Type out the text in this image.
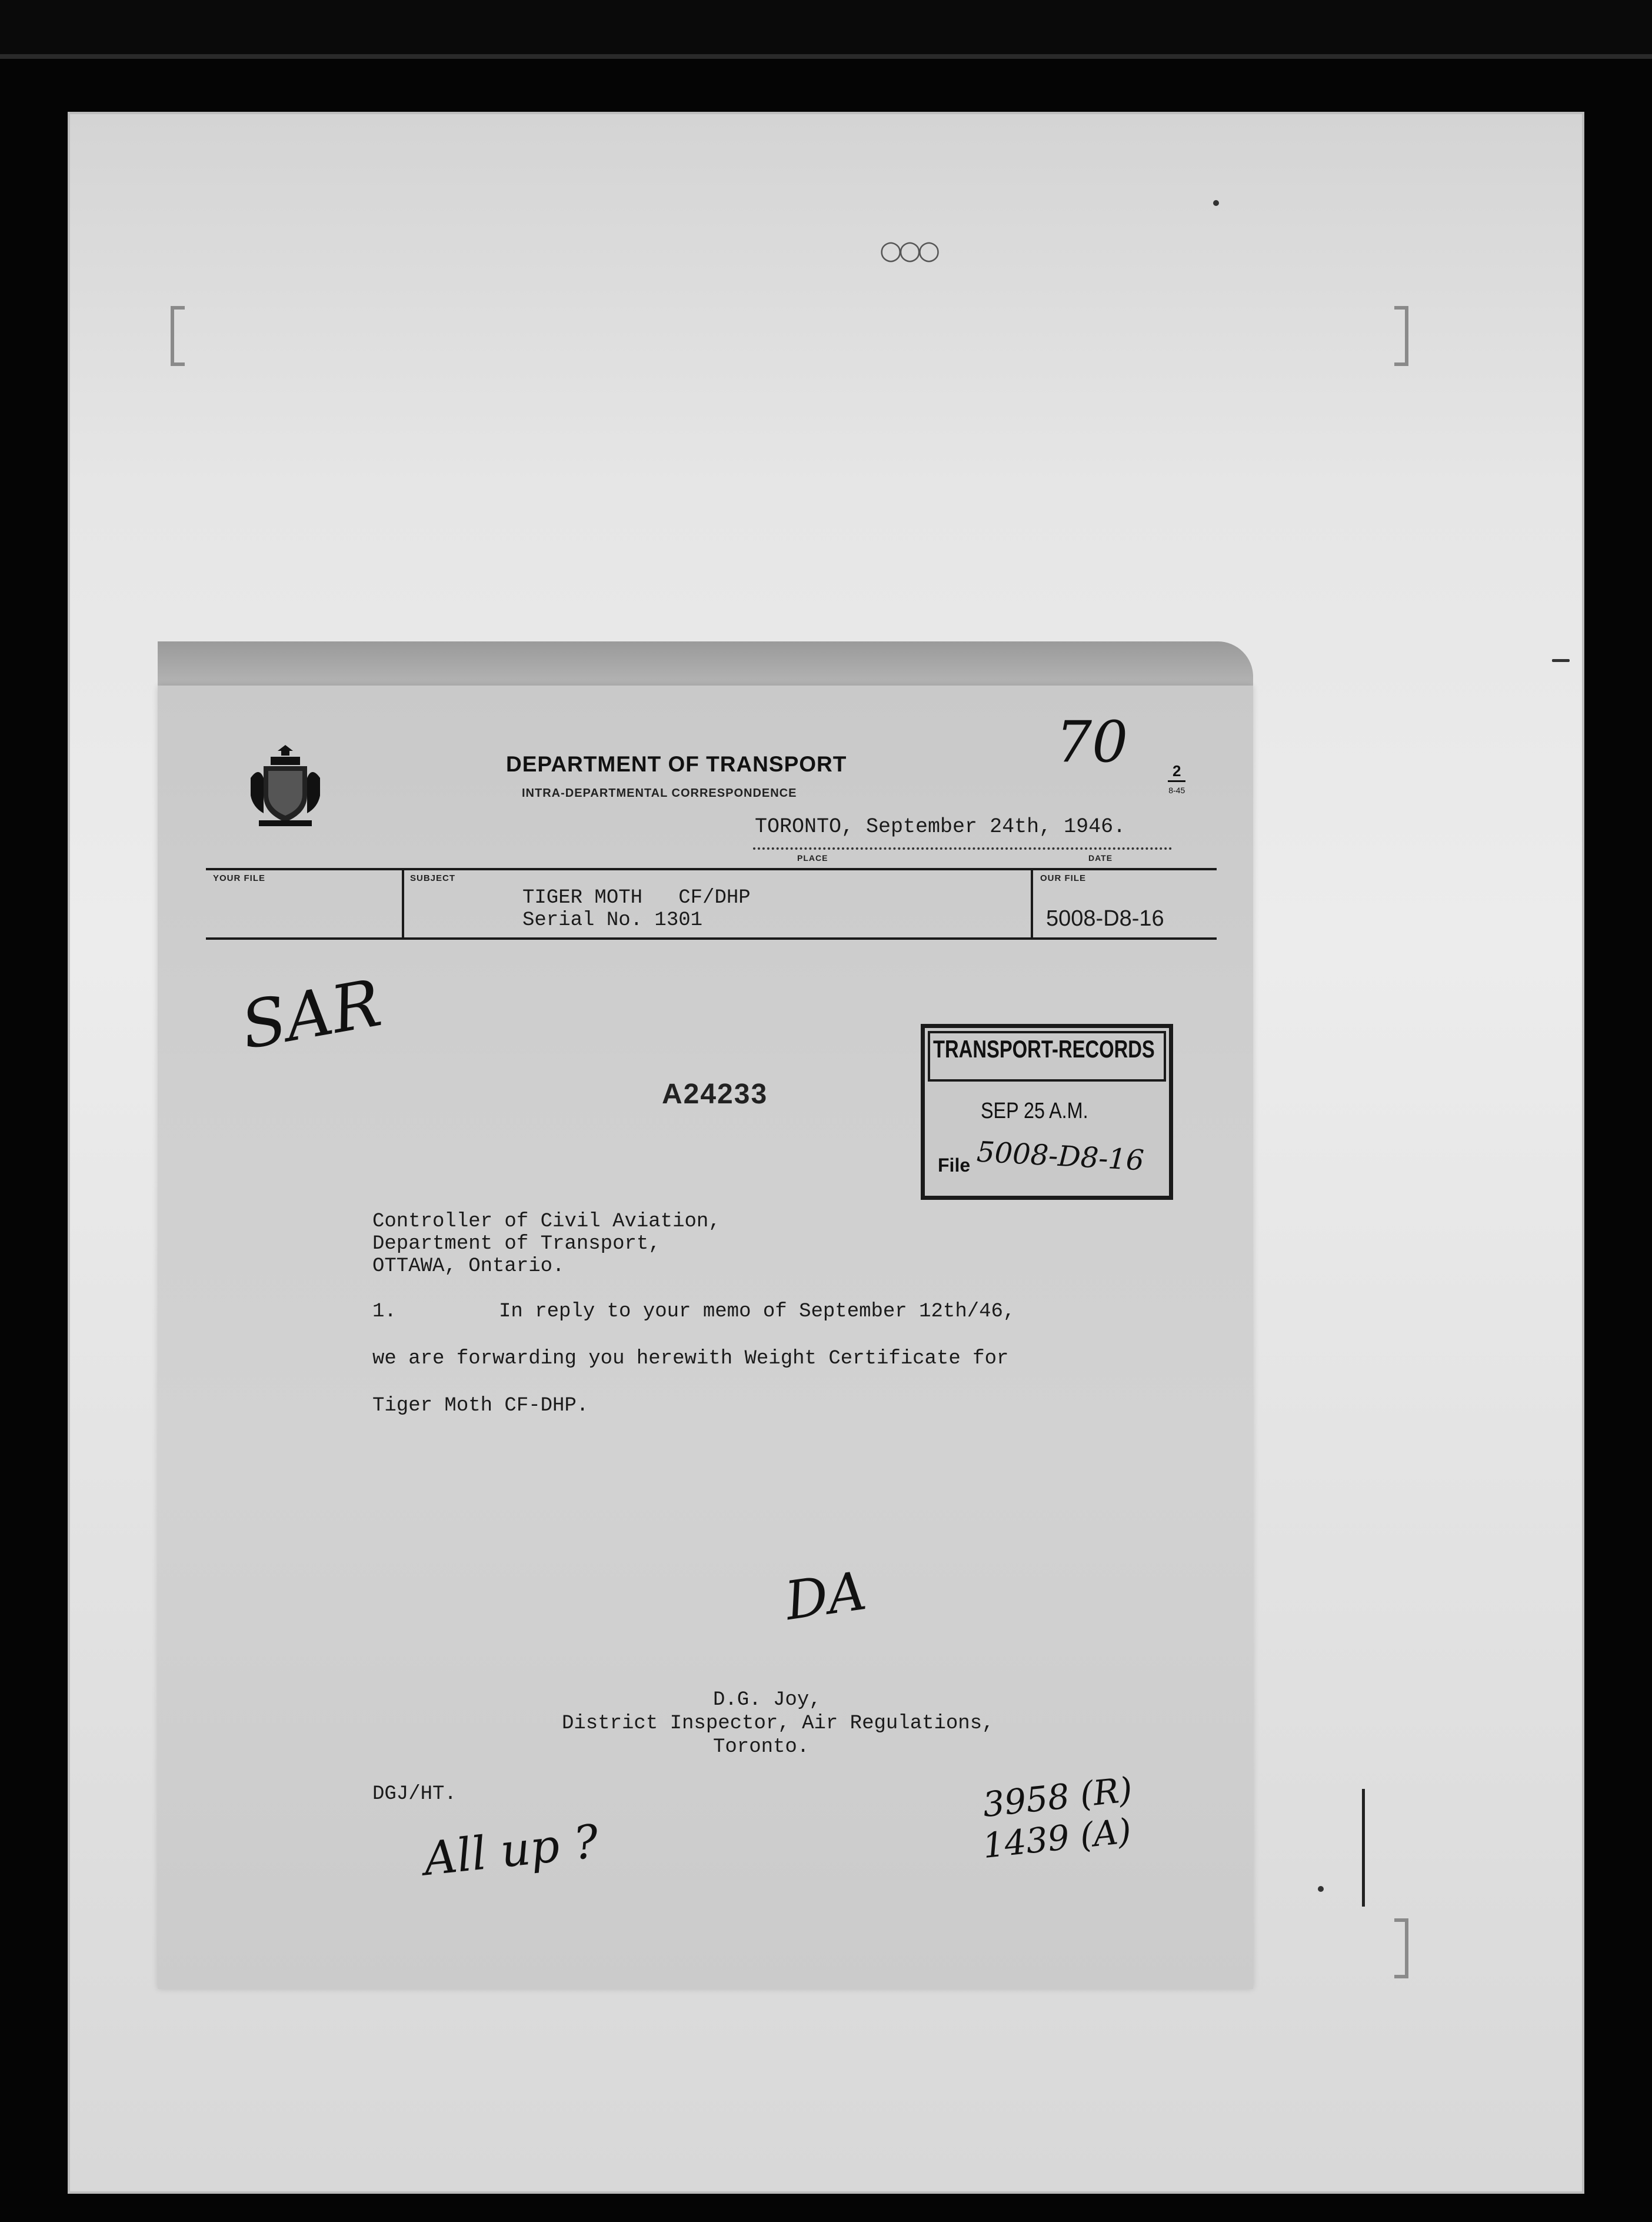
○○○
DEPARTMENT OF TRANSPORT
INTRA-DEPARTMENTAL CORRESPONDENCE
70	2
8-45
TORONTO, September 24th, 1946.
PLACE	DATE
YOUR FILE	SUBJECT	OUR FILE
TIGER MOTH   CF/DHP
Serial No. 1301	5008-D8-16
SAR
A24233
TRANSPORT-RECORDS
SEP 25 A.M.
File 5008-D8-16
Controller of Civil Aviation,
Department of Transport,
OTTAWA, Ontario.
1.	In reply to your memo of September 12th/46,
we are forwarding you herewith Weight Certificate for
Tiger Moth CF-DHP.
DA
D.G. Joy,
District Inspector, Air Regulations,
Toronto.
DGJ/HT.
All up ?
3958 (R)
1439 (A)
